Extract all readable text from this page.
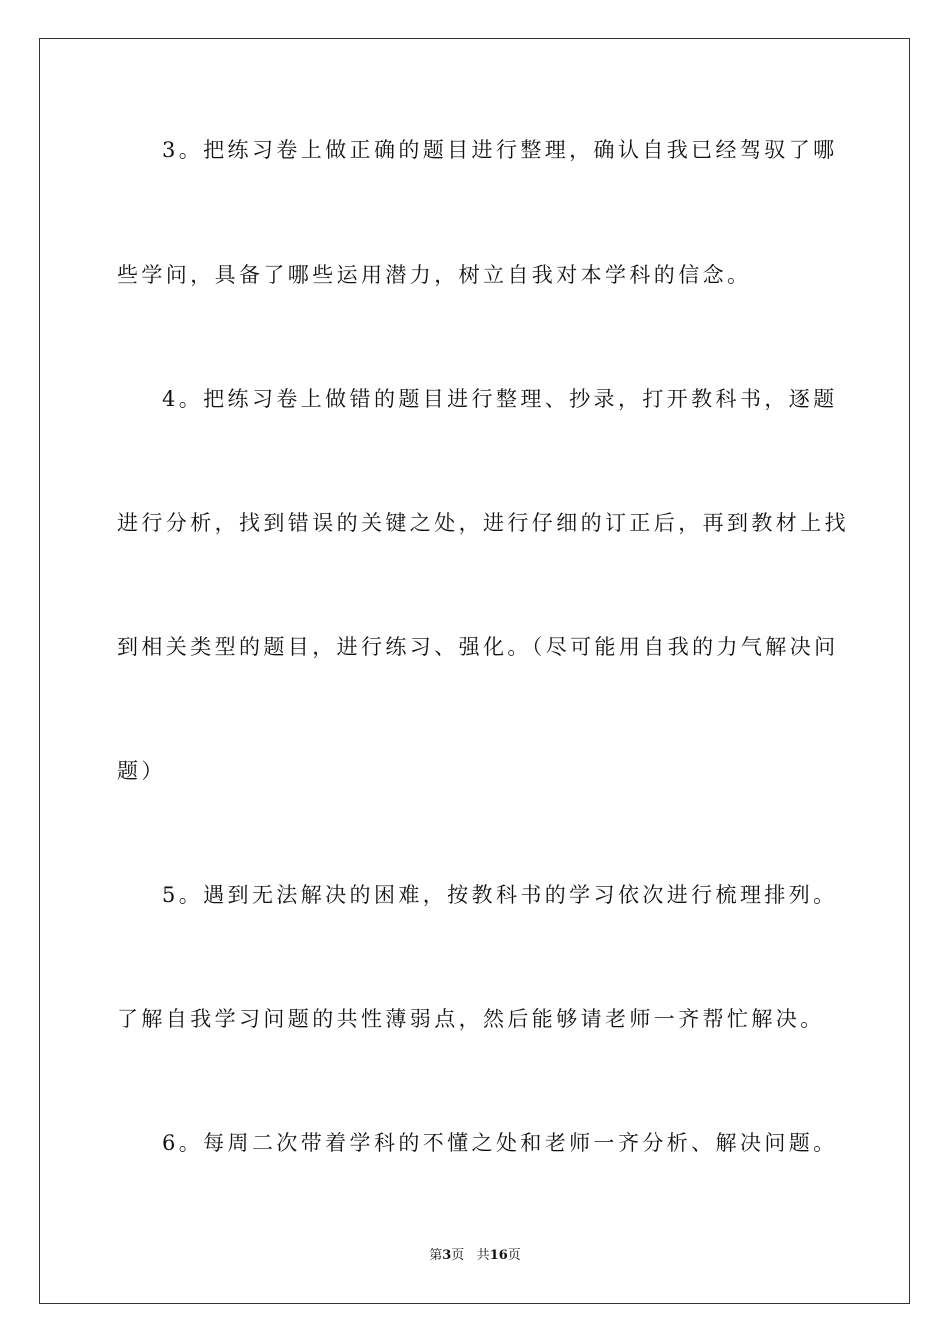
3。把练习卷上做正确的题目进行整理，确认自我已经驾驭了哪
些学问，具备了哪些运用潜力，树立自我对本学科的信念。
4。把练习卷上做错的题目进行整理、抄录，打开教科书，逐题
进行分析，找到错误的关键之处，进行仔细的订正后，再到教材上找
到相关类型的题目，进行练习、强化。（尽可能用自我的力气解决问
题）
5。遇到无法解决的困难，按教科书的学习依次进行梳理排列。
了解自我学习问题的共性薄弱点，然后能够请老师一齐帮忙解决。
6。每周二次带着学科的不懂之处和老师一齐分析、解决问题。
第3页 共16页
